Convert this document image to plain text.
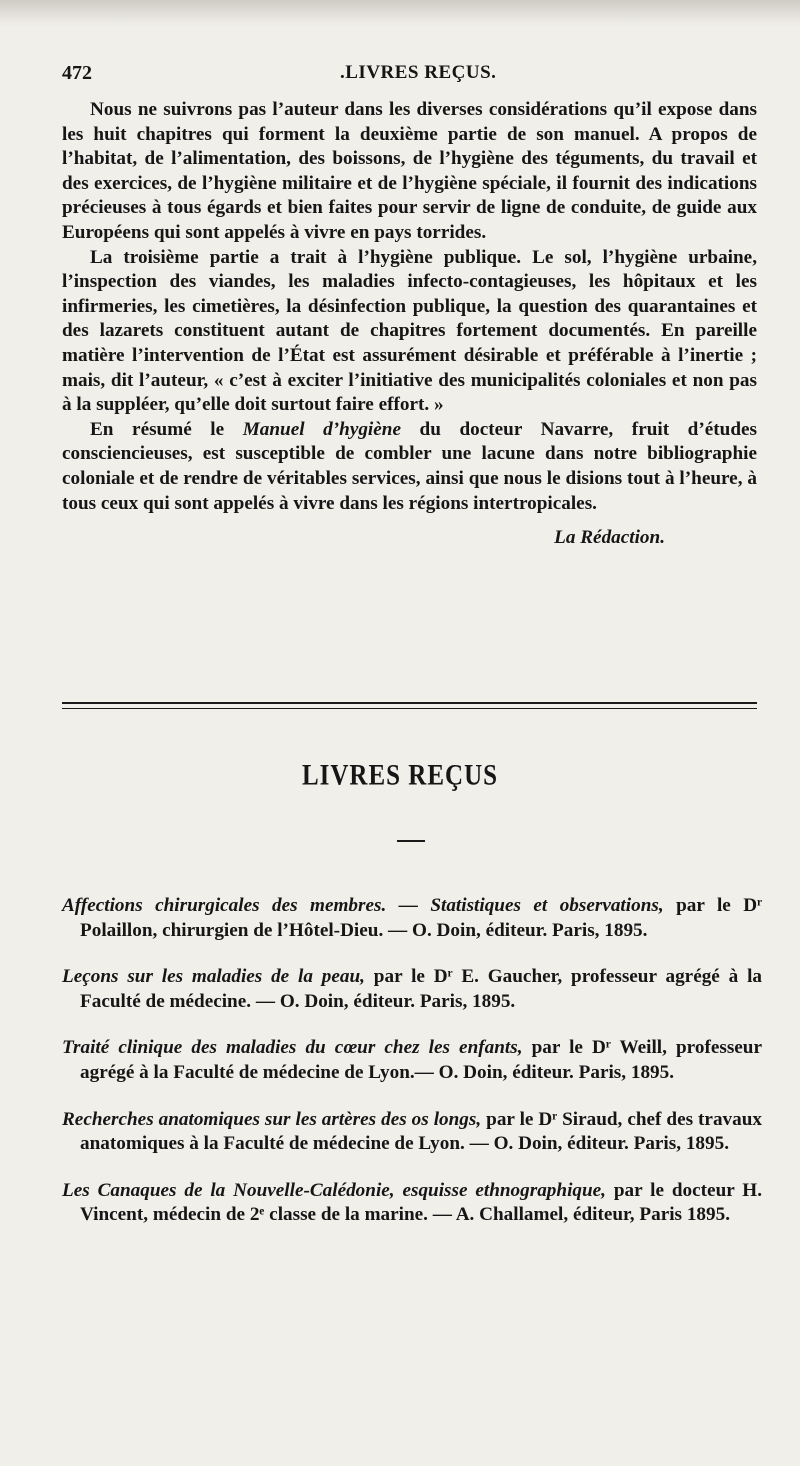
472	.LIVRES REÇUS.

Nous ne suivrons pas l’auteur dans les diverses considérations qu’il expose dans les huit chapitres qui forment la deuxième partie de son manuel. A propos de l’habitat, de l’alimentation, des boissons, de l’hygiène des téguments, du travail et des exercices, de l’hygiène militaire et de l’hygiène spéciale, il fournit des indications précieuses à tous égards et bien faites pour servir de ligne de conduite, de guide aux Européens qui sont appelés à vivre en pays torrides.

La troisième partie a trait à l’hygiène publique. Le sol, l’hygiène urbaine, l’inspection des viandes, les maladies infecto-contagieuses, les hôpitaux et les infirmeries, les cimetières, la désinfection publique, la question des quarantaines et des lazarets constituent autant de chapitres fortement documentés. En pareille matière l’intervention de l’État est assurément désirable et préférable à l’inertie ; mais, dit l’auteur, « c’est à exciter l’initiative des municipalités coloniales et non pas à la suppléer, qu’elle doit surtout faire effort. »

En résumé le Manuel d’hygiène du docteur Navarre, fruit d’études consciencieuses, est susceptible de combler une lacune dans notre bibliographie coloniale et de rendre de véritables services, ainsi que nous le disions tout à l’heure, à tous ceux qui sont appelés à vivre dans les régions intertropicales.

La Rédaction.
LIVRES REÇUS

Affections chirurgicales des membres. — Statistiques et observations, par le Dʳ Polaillon, chirurgien de l’Hôtel-Dieu. — O. Doin, éditeur. Paris, 1895.

Leçons sur les maladies de la peau, par le Dʳ E. Gaucher, professeur agrégé à la Faculté de médecine. — O. Doin, éditeur. Paris, 1895.

Traité clinique des maladies du cœur chez les enfants, par le Dʳ Weill, professeur agrégé à la Faculté de médecine de Lyon.— O. Doin, éditeur. Paris, 1895.

Recherches anatomiques sur les artères des os longs, par le Dʳ Siraud, chef des travaux anatomiques à la Faculté de médecine de Lyon. — O. Doin, éditeur. Paris, 1895.

Les Canaques de la Nouvelle-Calédonie, esquisse ethnographique, par le docteur H. Vincent, médecin de 2ᵉ classe de la marine. — A. Challamel, éditeur, Paris 1895.
